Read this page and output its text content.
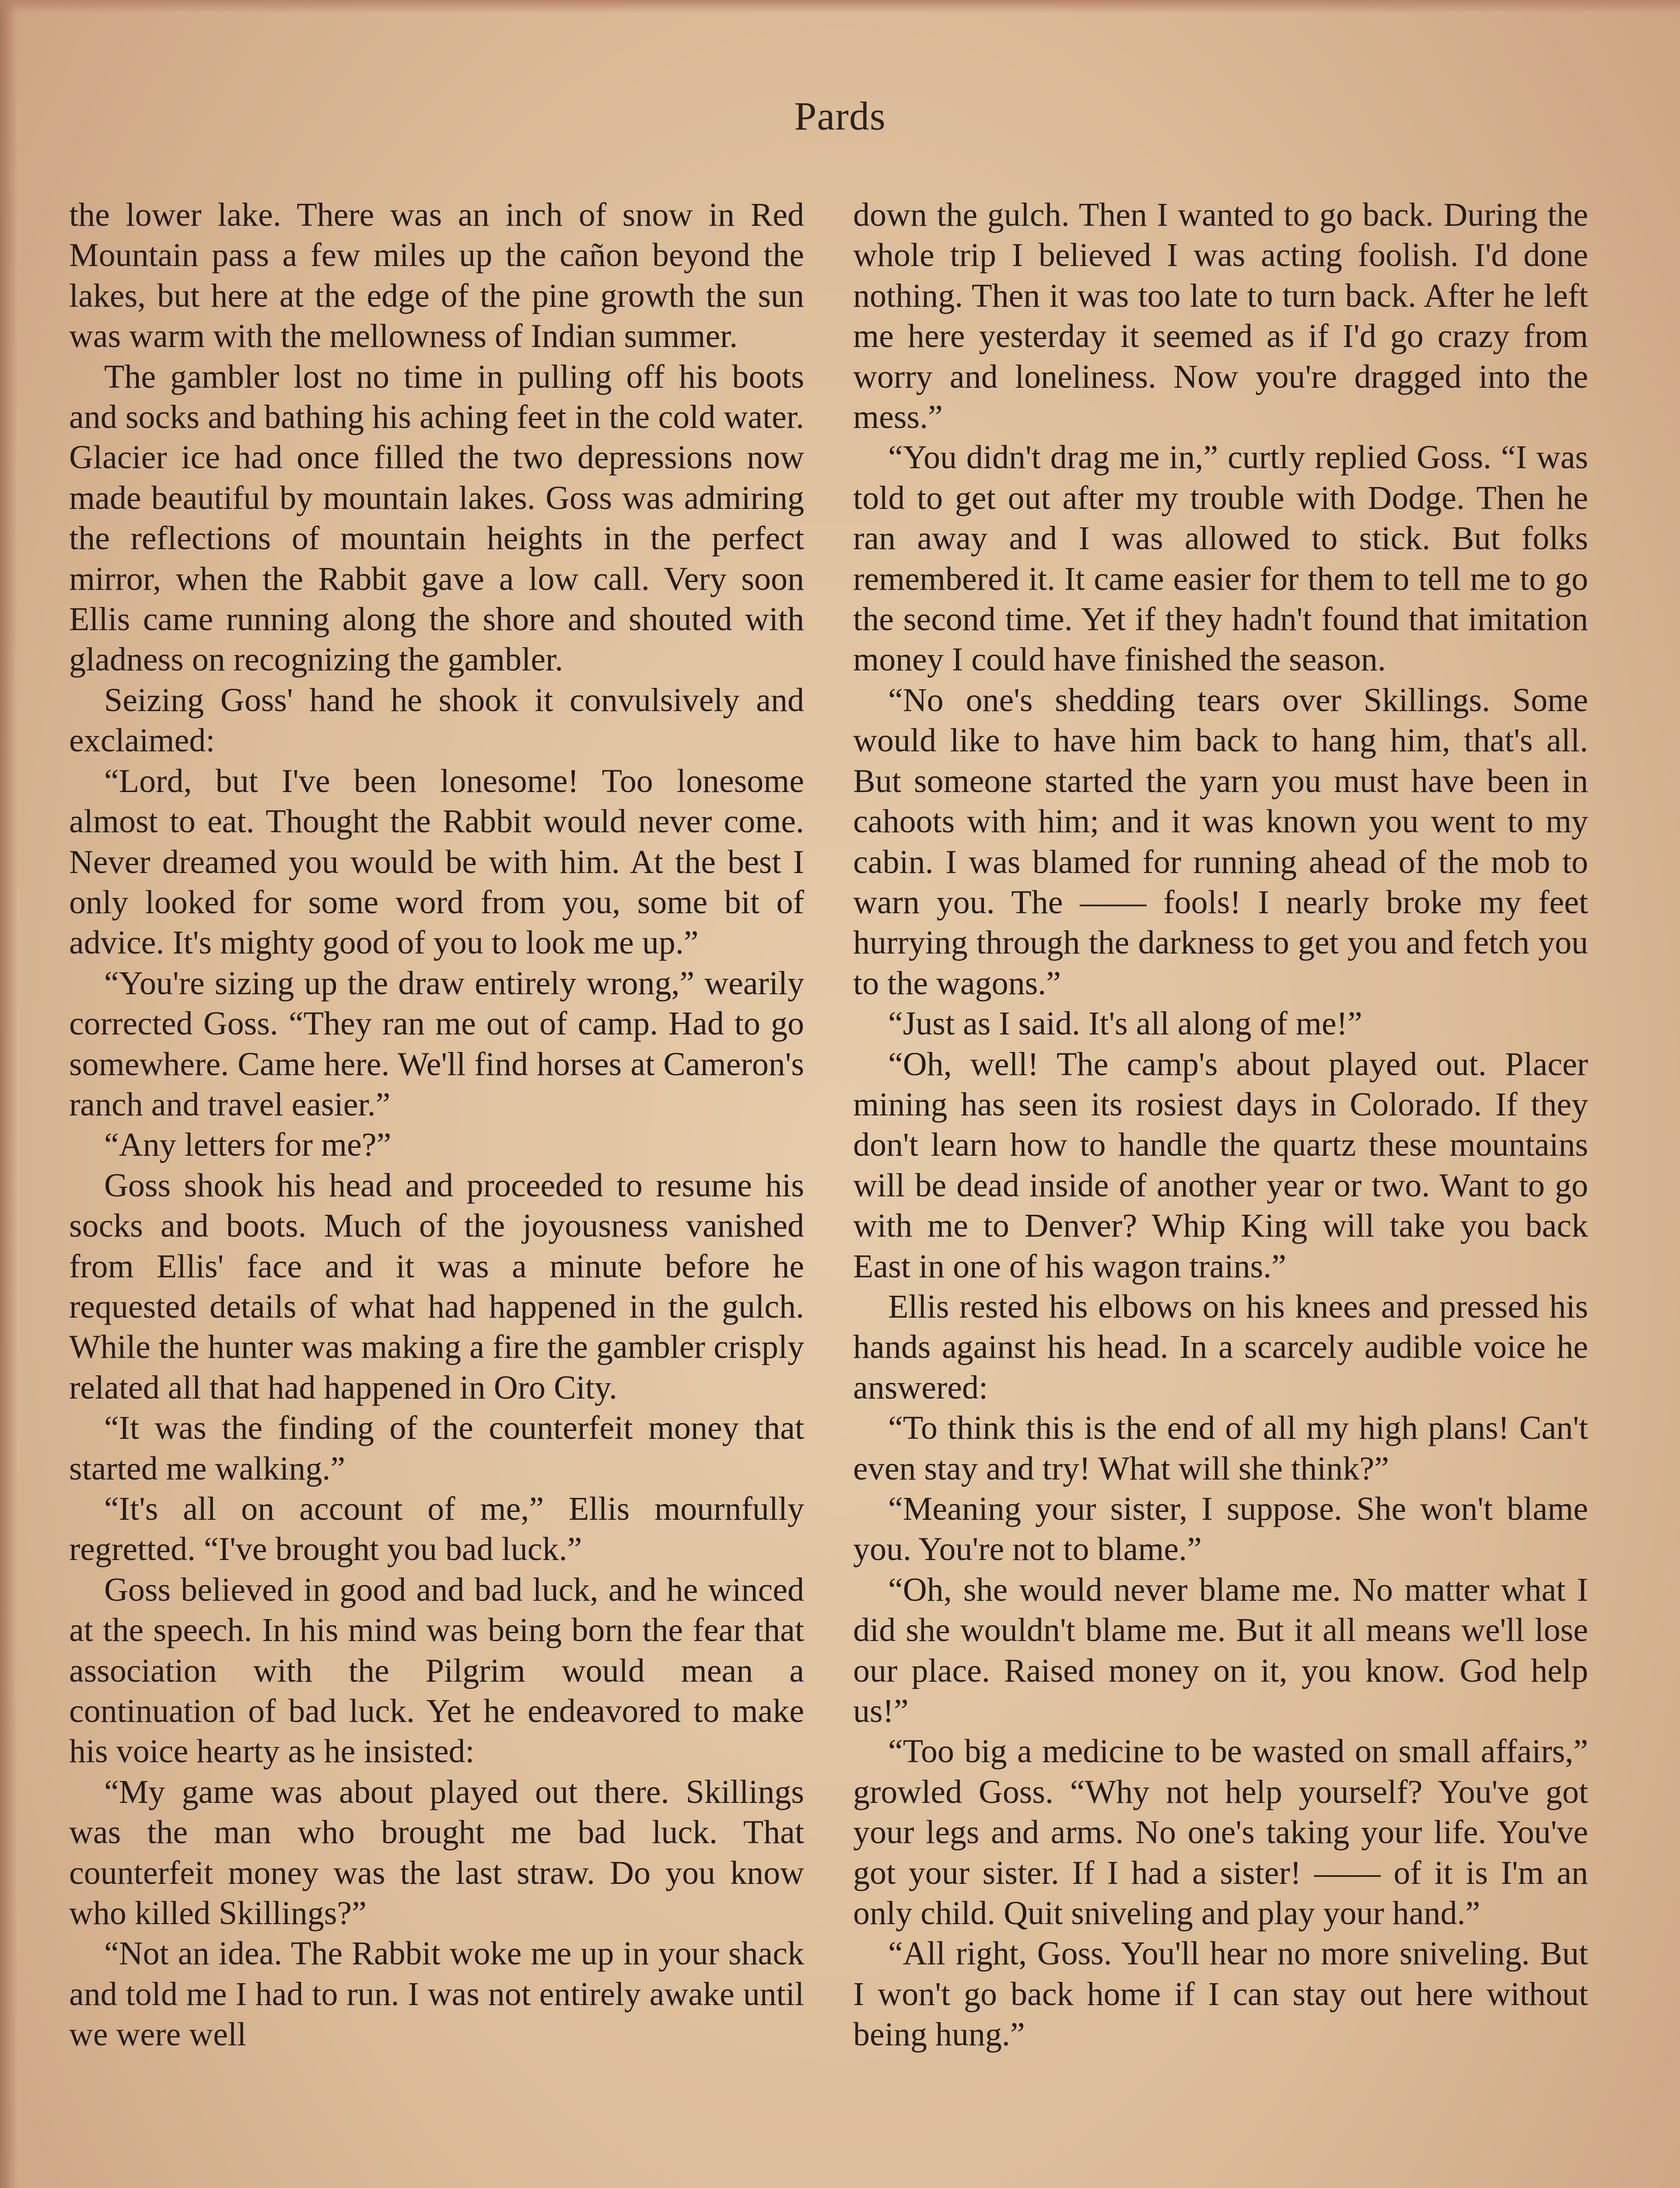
Pards

the lower lake. There was an inch of snow in Red Mountain pass a few miles up the cañon beyond the lakes, but here at the edge of the pine growth the sun was warm with the mellowness of Indian summer.

The gambler lost no time in pulling off his boots and socks and bathing his aching feet in the cold water. Glacier ice had once filled the two depressions now made beautiful by mountain lakes. Goss was admiring the reflections of mountain heights in the perfect mirror, when the Rabbit gave a low call. Very soon Ellis came running along the shore and shouted with gladness on recognizing the gambler.

Seizing Goss' hand he shook it convulsively and exclaimed:

“Lord, but I've been lonesome! Too lonesome almost to eat. Thought the Rabbit would never come. Never dreamed you would be with him. At the best I only looked for some word from you, some bit of advice. It's mighty good of you to look me up.”

“You're sizing up the draw entirely wrong,” wearily corrected Goss. “They ran me out of camp. Had to go somewhere. Came here. We'll find horses at Cameron's ranch and travel easier.”

“Any letters for me?”

Goss shook his head and proceeded to resume his socks and boots. Much of the joyousness vanished from Ellis' face and it was a minute before he requested details of what had happened in the gulch. While the hunter was making a fire the gambler crisply related all that had happened in Oro City.

“It was the finding of the counterfeit money that started me walking.”

“It's all on account of me,” Ellis mournfully regretted. “I've brought you bad luck.”

Goss believed in good and bad luck, and he winced at the speech. In his mind was being born the fear that association with the Pilgrim would mean a continuation of bad luck. Yet he endeavored to make his voice hearty as he insisted:

“My game was about played out there. Skillings was the man who brought me bad luck. That counterfeit money was the last straw. Do you know who killed Skillings?”

“Not an idea. The Rabbit woke me up in your shack and told me I had to run. I was not entirely awake until we were well

down the gulch. Then I wanted to go back. During the whole trip I believed I was acting foolish. I'd done nothing. Then it was too late to turn back. After he left me here yesterday it seemed as if I'd go crazy from worry and loneliness. Now you're dragged into the mess.”

“You didn't drag me in,” curtly replied Goss. “I was told to get out after my trouble with Dodge. Then he ran away and I was allowed to stick. But folks remembered it. It came easier for them to tell me to go the second time. Yet if they hadn't found that imitation money I could have finished the season.

“No one's shedding tears over Skillings. Some would like to have him back to hang him, that's all. But someone started the yarn you must have been in cahoots with him; and it was known you went to my cabin. I was blamed for running ahead of the mob to warn you. The —— fools! I nearly broke my feet hurrying through the darkness to get you and fetch you to the wagons.”

“Just as I said. It's all along of me!”

“Oh, well! The camp's about played out. Placer mining has seen its rosiest days in Colorado. If they don't learn how to handle the quartz these mountains will be dead inside of another year or two. Want to go with me to Denver? Whip King will take you back East in one of his wagon trains.”

Ellis rested his elbows on his knees and pressed his hands against his head. In a scarcely audible voice he answered:

“To think this is the end of all my high plans! Can't even stay and try! What will she think?”

“Meaning your sister, I suppose. She won't blame you. You're not to blame.”

“Oh, she would never blame me. No matter what I did she wouldn't blame me. But it all means we'll lose our place. Raised money on it, you know. God help us!”

“Too big a medicine to be wasted on small affairs,” growled Goss. “Why not help yourself? You've got your legs and arms. No one's taking your life. You've got your sister. If I had a sister! —— of it is I'm an only child. Quit sniveling and play your hand.”

“All right, Goss. You'll hear no more sniveling. But I won't go back home if I can stay out here without being hung.”
